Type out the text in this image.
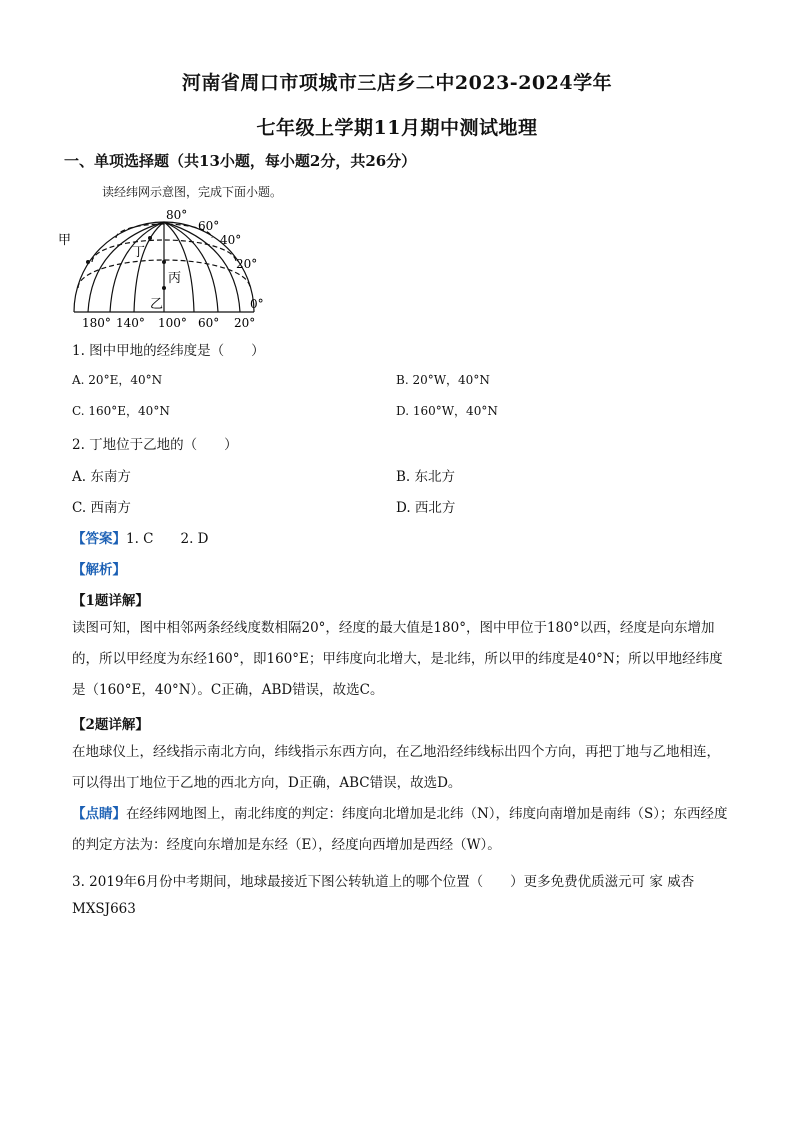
河南省周口市项城市三店乡二中2023-2024学年
七年级上学期11月期中测试地理
一、单项选择题（共13小题，每小题2分，共26分）
读经纬网示意图，完成下面小题。
甲
丁
丙
乙
80°
60°
40°
20°
0°
180° 140° 100° 60° 20°
1. 图中甲地的经纬度是（　　）
A. 20°E，40°N	B. 20°W，40°N
C. 160°E，40°N	D. 160°W，40°N
2. 丁地位于乙地的（　　）
A. 东南方	B. 东北方
C. 西南方	D. 西北方
【答案】1. C　　2. D
【解析】
【1题详解】
读图可知，图中相邻两条经线度数相隔20°，经度的最大值是180°，图中甲位于180°以西，经度是向东增加的，所以甲经度为东经160°，即160°E；甲纬度向北增大，是北纬，所以甲的纬度是40°N；所以甲地经纬度是（160°E，40°N）。C正确，ABD错误，故选C。
【2题详解】
在地球仪上，经线指示南北方向，纬线指示东西方向，在乙地沿经纬线标出四个方向，再把丁地与乙地相连，可以得出丁地位于乙地的西北方向，D正确，ABC错误，故选D。
【点睛】在经纬网地图上，南北纬度的判定：纬度向北增加是北纬（N），纬度向南增加是南纬（S）；东西经度的判定方法为：经度向东增加是东经（E），经度向西增加是西经（W）。
3. 2019年6月份中考期间，地球最接近下图公转轨道上的哪个位置（　　）更多免费优质滋元可 家 威杏
MXSJ663
